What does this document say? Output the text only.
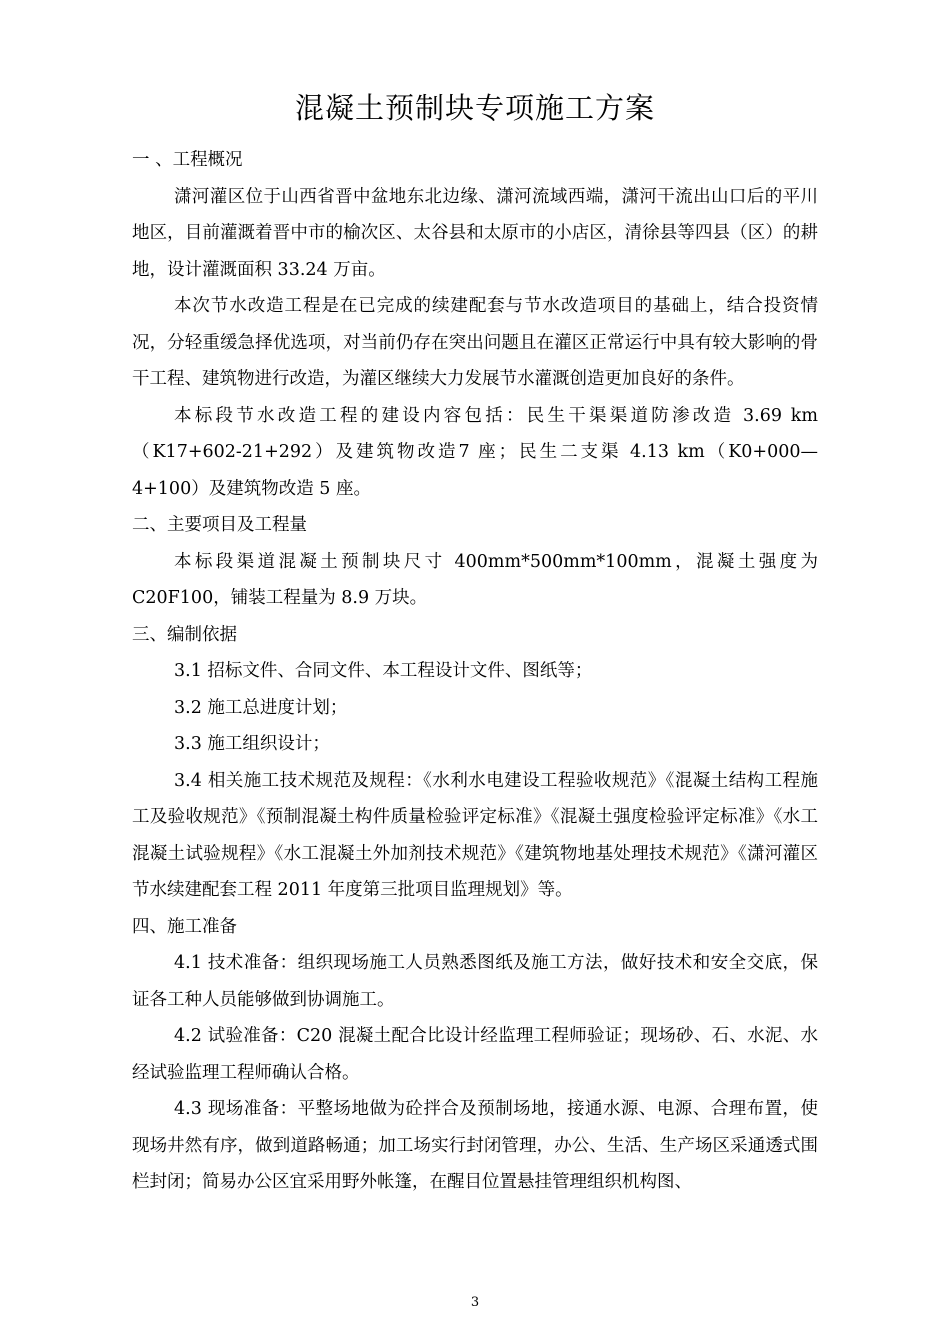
混凝土预制块专项施工方案

一 、工程概况

潇河灌区位于山西省晋中盆地东北边缘、潇河流域西端，潇河干流出山口后的平川地区，目前灌溉着晋中市的榆次区、太谷县和太原市的小店区，清徐县等四县（区）的耕地，设计灌溉面积 33.24 万亩。

本次节水改造工程是在已完成的续建配套与节水改造项目的基础上，结合投资情况，分轻重缓急择优选项，对当前仍存在突出问题且在灌区正常运行中具有较大影响的骨干工程、建筑物进行改造，为灌区继续大力发展节水灌溉创造更加良好的条件。

本标段节水改造工程的建设内容包括：民生干渠渠道防渗改造 3.69 km（K17+602-21+292）及建筑物改造7 座；民生二支渠 4.13 km（K0+000—4+100）及建筑物改造 5 座。

二、主要项目及工程量

本标段渠道混凝土预制块尺寸 400mm*500mm*100mm，混凝土强度为 C20F100，铺装工程量为 8.9 万块。

三、编制依据

3.1 招标文件、合同文件、本工程设计文件、图纸等；

3.2 施工总进度计划；

3.3 施工组织设计；

3.4 相关施工技术规范及规程：《水利水电建设工程验收规范》《混凝土结构工程施工及验收规范》《预制混凝土构件质量检验评定标准》《混凝土强度检验评定标准》《水工混凝土试验规程》《水工混凝土外加剂技术规范》《建筑物地基处理技术规范》《潇河灌区节水续建配套工程 2011 年度第三批项目监理规划》等。

四、施工准备

4.1 技术准备：组织现场施工人员熟悉图纸及施工方法，做好技术和安全交底，保证各工种人员能够做到协调施工。

4.2 试验准备：C20 混凝土配合比设计经监理工程师验证；现场砂、石、水泥、水经试验监理工程师确认合格。

4.3 现场准备：平整场地做为砼拌合及预制场地，接通水源、电源、合理布置，使现场井然有序，做到道路畅通；加工场实行封闭管理，办公、生活、生产场区采通透式围栏封闭；简易办公区宜采用野外帐篷，在醒目位置悬挂管理组织机构图、

3
